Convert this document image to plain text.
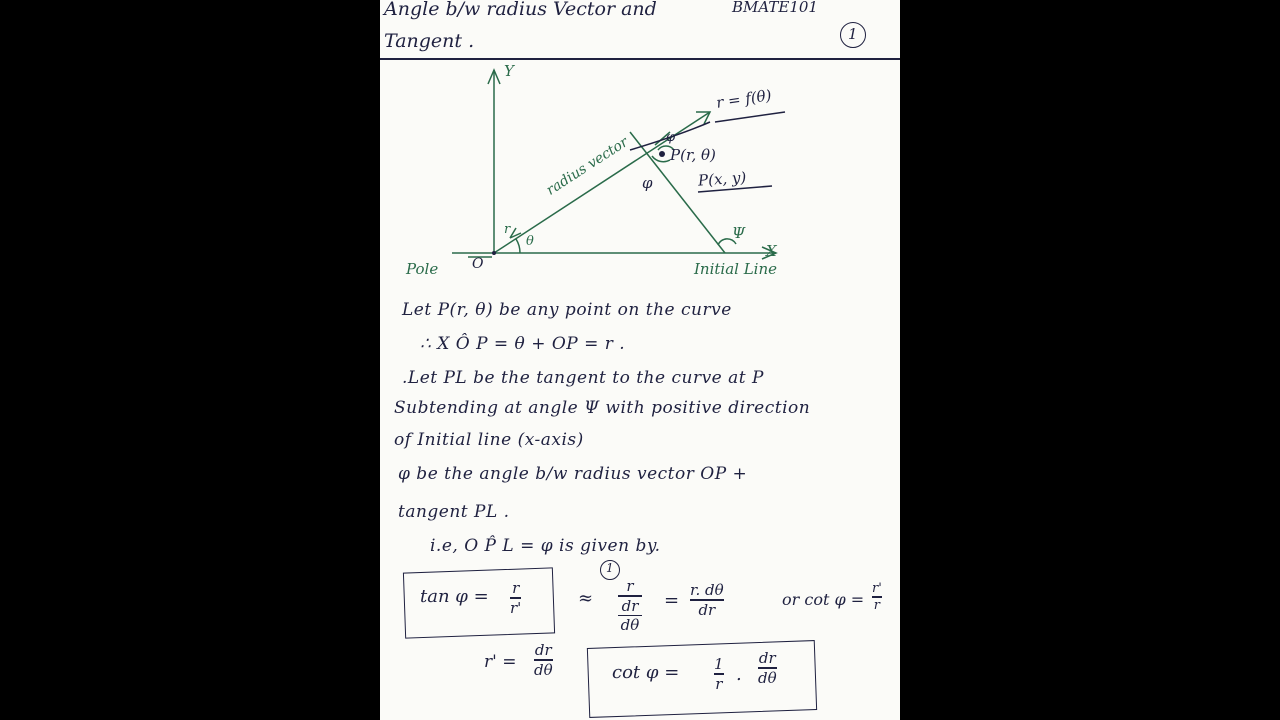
Angle b/w radius Vector and
Tangent .
BMATE101
1
Y
X
r = f(θ)
P(r, θ)
P(x, y)
radius vector φ
φ
Ψ
θ
r
Pole O	Initial Line
Let P(r, θ) be any point on the curve
∴ X Ô P = θ + OP = r .
.Let PL be the tangent to the curve at P
Subtending at angle Ψ with positive direction
of Initial line (x-axis)
φ be the angle b/w radius vector OP +
tangent PL .
i.e, O P̂ L = φ is given by.
tan φ = r
r'	≈
1
r
dr
dθ
= r. dθ
dr
or cot φ =
r'
r
r' =
dr
dθ	cot φ = 1
r .
dr
dθ
